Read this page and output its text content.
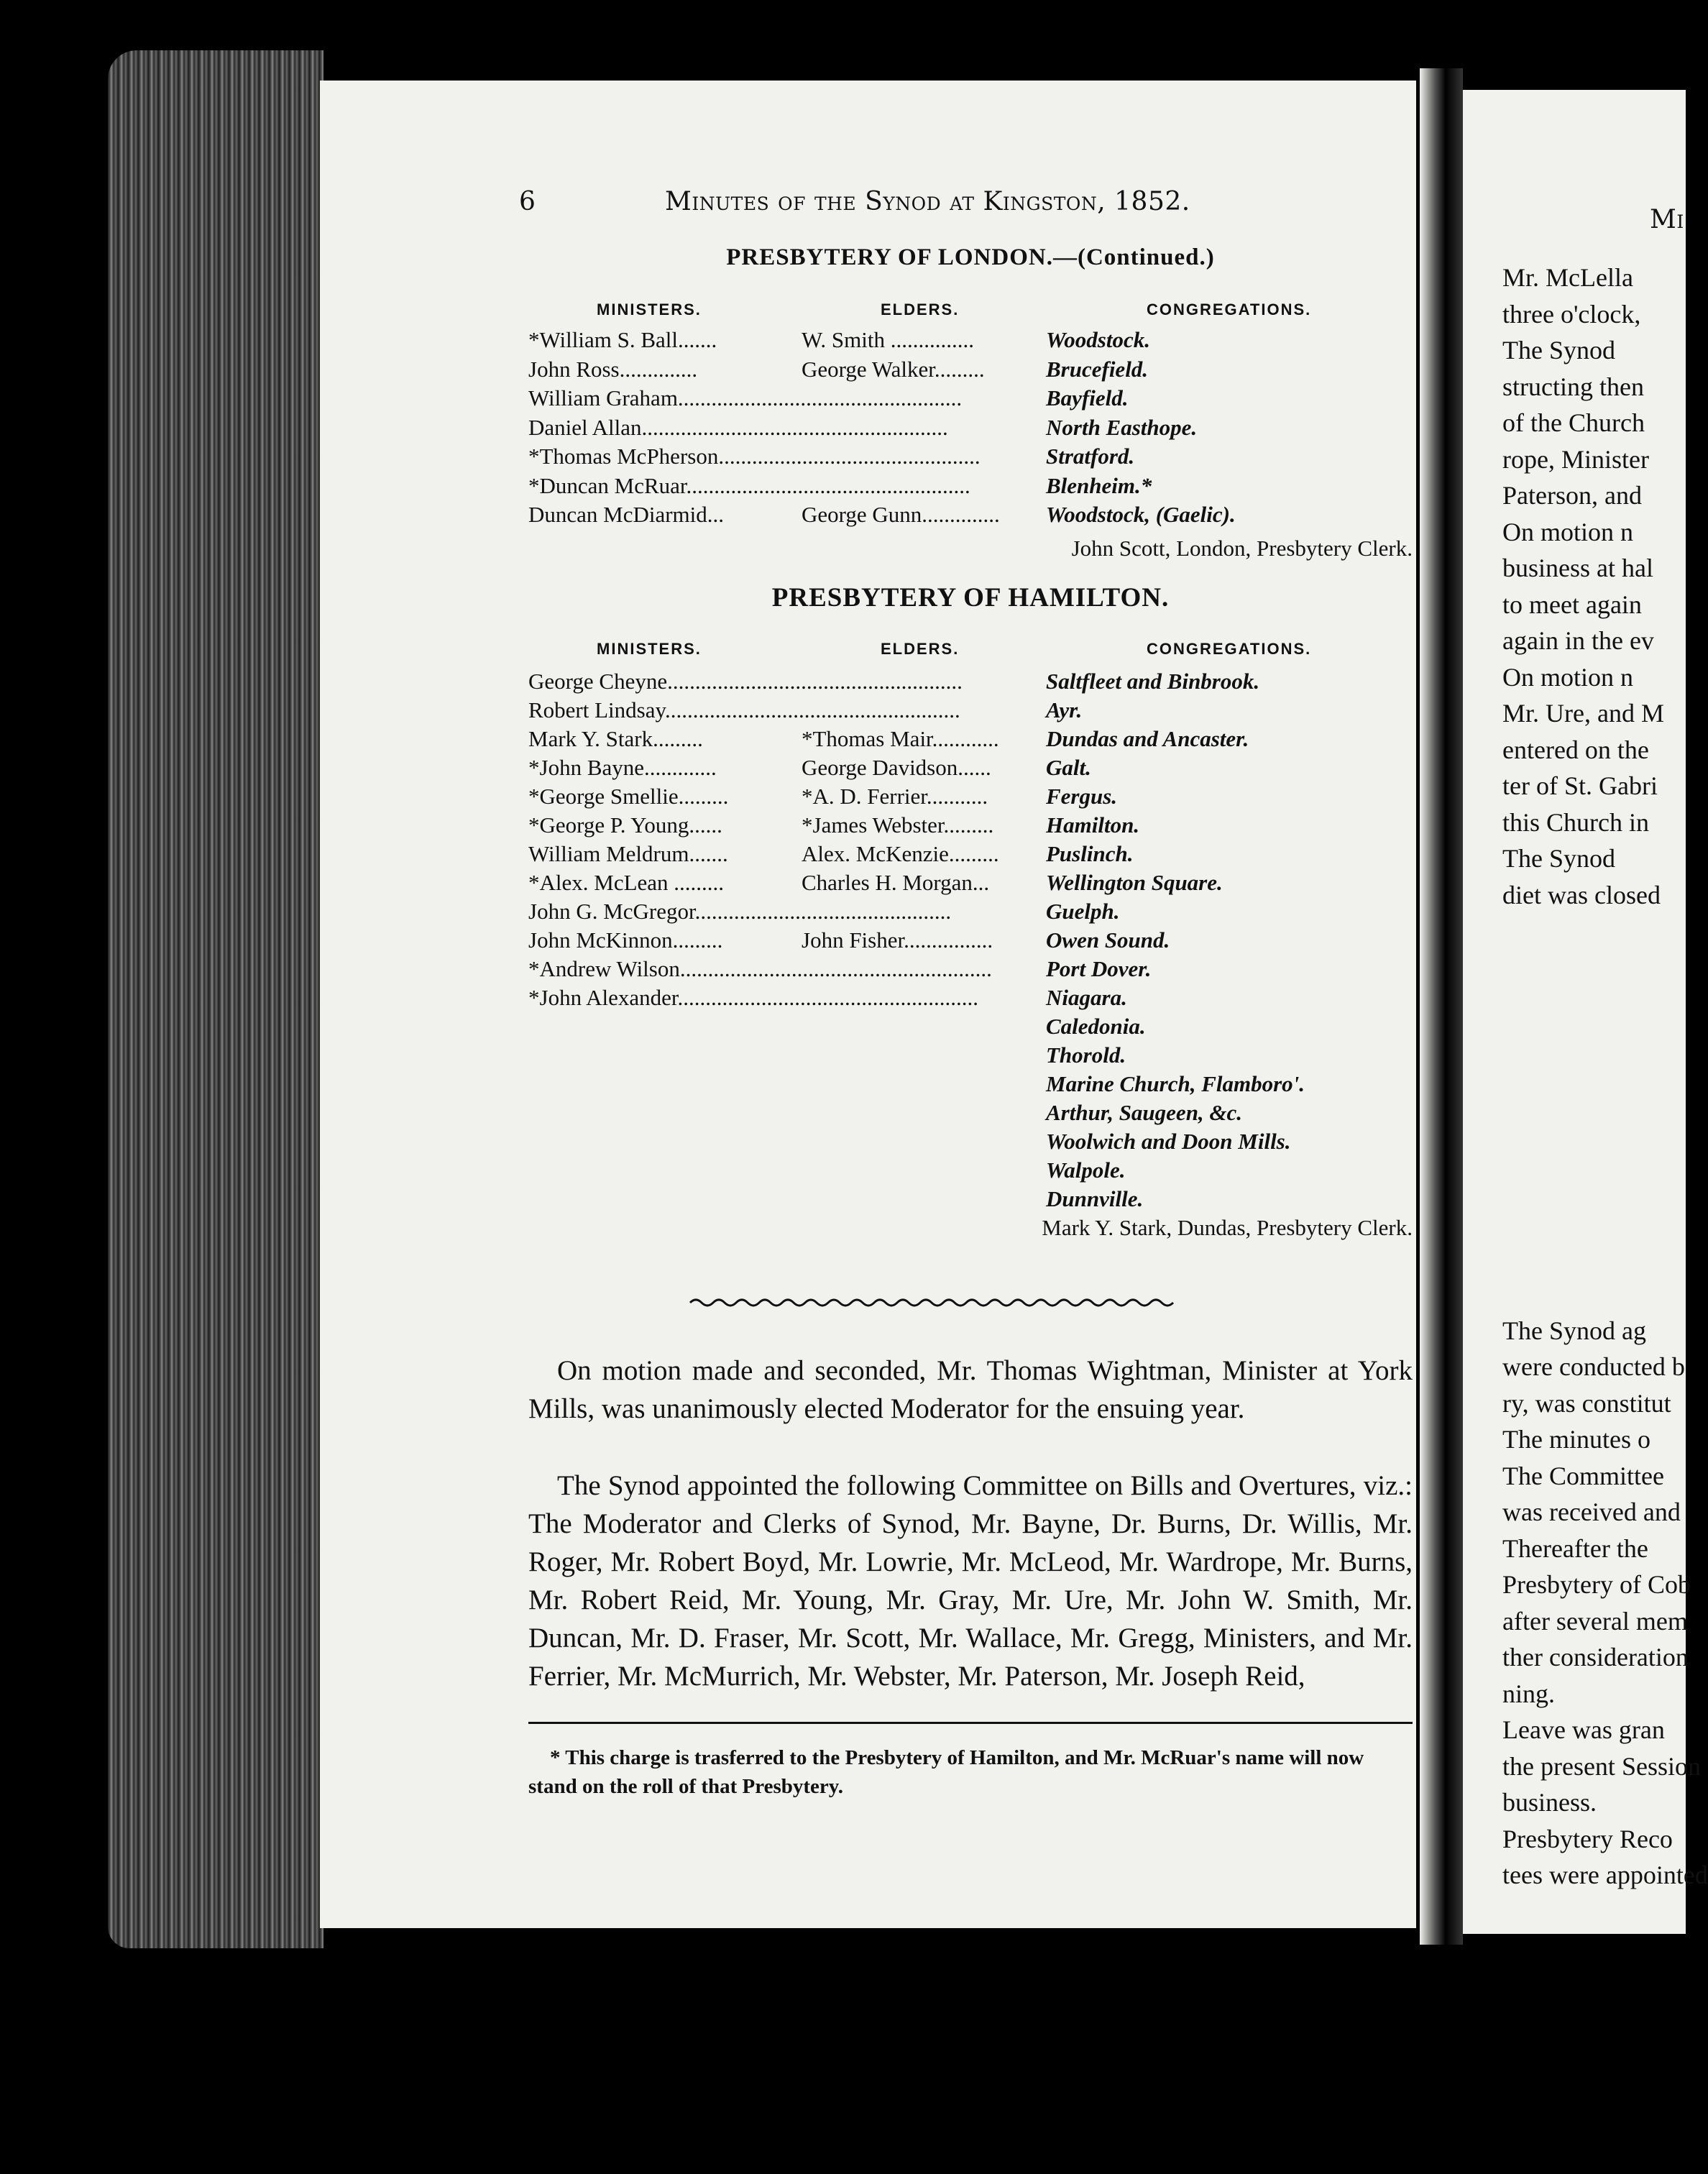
6	Minutes of the Synod at Kingston, 1852.
PRESBYTERY OF LONDON.—(Continued.)
MINISTERS.	ELDERS.	CONGREGATIONS.
*William S. Ball.......	W. Smith ...............	Woodstock.
John Ross..............	George Walker.........	Brucefield.
William Graham...................................................	Bayfield.
Daniel Allan.......................................................	North Easthope.
*Thomas McPherson...............................................	Stratford.
*Duncan McRuar...................................................	Blenheim.*
Duncan McDiarmid...	George Gunn.............. Woodstock, (Gaelic).
John Scott, London, Presbytery Clerk.
PRESBYTERY OF HAMILTON.
MINISTERS.	ELDERS.	CONGREGATIONS.
George Cheyne.....................................................	Saltfleet and Binbrook.
Robert Lindsay.....................................................	Ayr.
Mark Y. Stark.........	*Thomas Mair............ Dundas and Ancaster.
*John Bayne.............	George Davidson...... Galt.
*George Smellie.........	*A. D. Ferrier...........	Fergus.
*George P. Young......	*James Webster......... Hamilton.
William Meldrum.......	Alex. McKenzie......... Puslinch.
*Alex. McLean .........	Charles H. Morgan...	Wellington Square.
John G. McGregor..............................................	Guelph.
John McKinnon.........	John Fisher................ Owen Sound.
*Andrew Wilson........................................................ Port Dover.
*John Alexander......................................................	Niagara.
Caledonia.
Thorold.
Marine Church, Flamboro'.
Arthur, Saugeen, &c.
Woolwich and Doon Mills.
Walpole.
Dunnville.
Mark Y. Stark, Dundas, Presbytery Clerk.
On motion made and seconded, Mr. Thomas Wightman, Minister at York Mills, was unanimously elected Moderator for the ensuing year.
The Synod appointed the following Committee on Bills and Overtures, viz.: The Moderator and Clerks of Synod, Mr. Bayne, Dr. Burns, Dr. Willis, Mr. Roger, Mr. Robert Boyd, Mr. Lowrie, Mr. McLeod, Mr. Wardrope, Mr. Burns, Mr. Robert Reid, Mr. Young, Mr. Gray, Mr. Ure, Mr. John W. Smith, Mr. Duncan, Mr. D. Fraser, Mr. Scott, Mr. Wallace, Mr. Gregg, Ministers, and Mr. Ferrier, Mr. McMurrich, Mr. Webster, Mr. Paterson, Mr. Joseph Reid,
* This charge is trasferred to the Presbytery of Hamilton, and Mr. McRuar's name will now stand on the roll of that Presbytery.
Mi
Mr. McLella
three o'clock,
The Synod
structing then
of the Church
rope, Minister
Paterson, and
On motion n
business at hal
to meet again
again in the ev
On motion n
Mr. Ure, and M
entered on the
ter of St. Gabri
this Church in
The Synod
diet was closed
The Synod ag
were conducted b
ry, was constitut
The minutes o
The Committee
was received and
Thereafter the
Presbytery of Cob
after several mem
ther consideration
ning.
Leave was gran
the present Session
business.
Presbytery Reco
tees were appointed
